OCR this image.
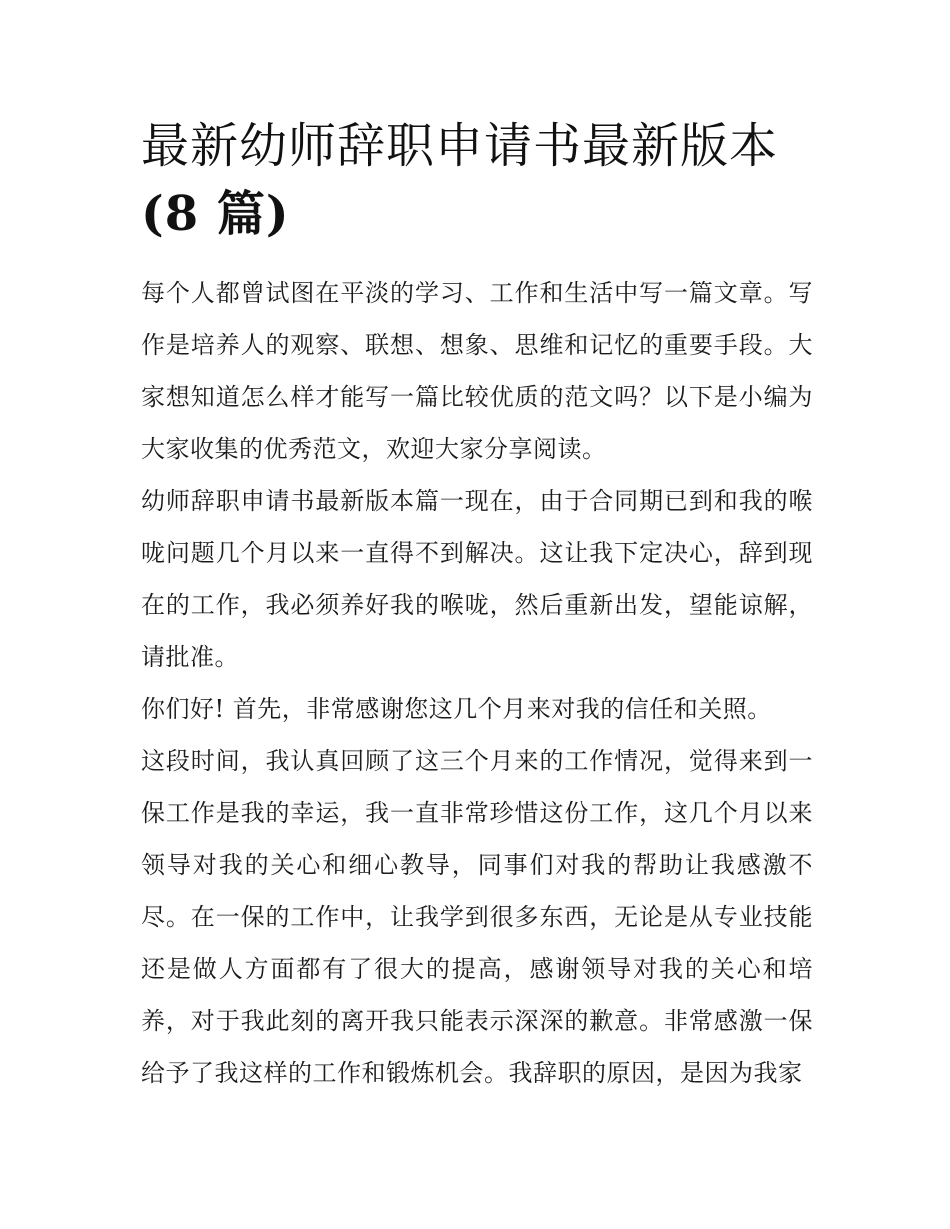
最新幼师辞职申请书最新版本
(8 篇)

每个人都曾试图在平淡的学习、工作和生活中写一篇文章。写作是培养人的观察、联想、想象、思维和记忆的重要手段。大家想知道怎么样才能写一篇比较优质的范文吗？以下是小编为大家收集的优秀范文，欢迎大家分享阅读。

幼师辞职申请书最新版本篇一现在，由于合同期已到和我的喉咙问题几个月以来一直得不到解决。这让我下定决心，辞到现在的工作，我必须养好我的喉咙，然后重新出发，望能谅解，请批准。

你们好! 首先，非常感谢您这几个月来对我的信任和关照。

这段时间，我认真回顾了这三个月来的工作情况，觉得来到一保工作是我的幸运，我一直非常珍惜这份工作，这几个月以来领导对我的关心和细心教导，同事们对我的帮助让我感激不尽。在一保的工作中，让我学到很多东西，无论是从专业技能还是做人方面都有了很大的提高，感谢领导对我的关心和培养，对于我此刻的离开我只能表示深深的歉意。非常感激一保给予了我这样的工作和锻炼机会。我辞职的原因，是因为我家
